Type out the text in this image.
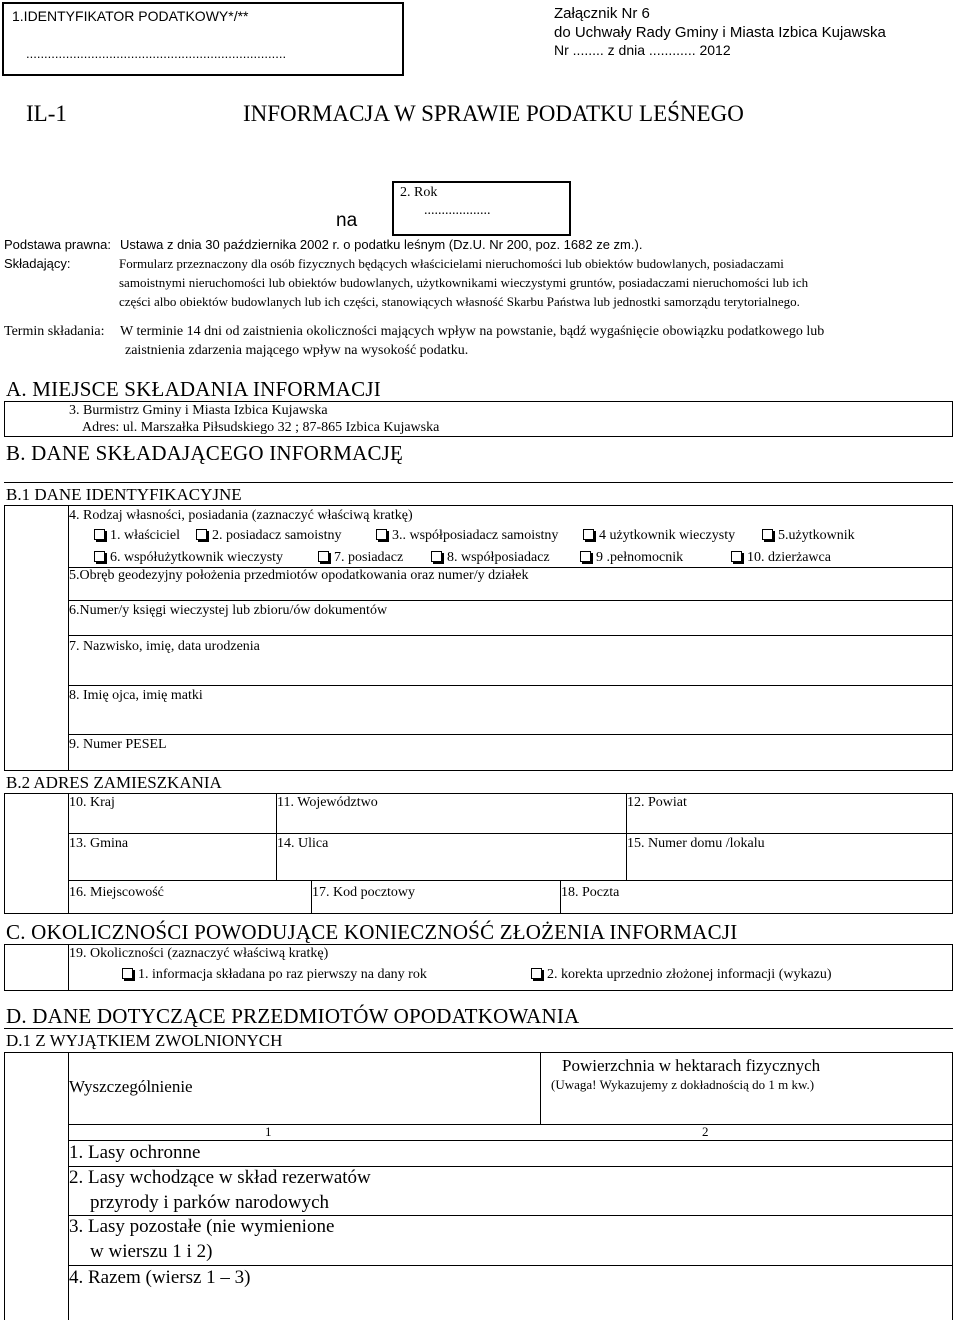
1.IDENTYFIKATOR PODATKOWY*/**
........................................................................
Załącznik Nr 6
do Uchwały Rady Gminy i Miasta Izbica Kujawska
Nr ........ z dnia ............ 2012
IL-1	INFORMACJA W SPRAWIE PODATKU LEŚNEGO
2. Rok
...................
na
Podstawa prawna: Ustawa z dnia 30 października 2002 r. o podatku leśnym (Dz.U. Nr 200, poz. 1682 ze zm.).
Składający:	Formularz przeznaczony dla osób fizycznych będących właścicielami nieruchomości lub obiektów budowlanych, posiadaczami
samoistnymi nieruchomości lub obiektów budowlanych, użytkownikami wieczystymi gruntów, posiadaczami nieruchomości lub ich
części albo obiektów budowlanych lub ich części, stanowiących własność Skarbu Państwa lub jednostki samorządu terytorialnego.
Termin składania: W terminie 14 dni od zaistnienia okoliczności mających wpływ na powstanie, bądź wygaśnięcie obowiązku podatkowego lub
zaistnienia zdarzenia mającego wpływ na wysokość podatku.
A. MIEJSCE SKŁADANIA INFORMACJI
3. Burmistrz Gminy i Miasta Izbica Kujawska
Adres: ul. Marszałka Piłsudskiego 32 ; 87-865 Izbica Kujawska
B. DANE SKŁADAJĄCEGO INFORMACJĘ
B.1 DANE IDENTYFIKACYJNE
4. Rodzaj własności, posiadania (zaznaczyć właściwą kratkę)
1. właściciel	2. posiadacz samoistny	3.. współposiadacz samoistny	4 użytkownik wieczysty	5.użytkownik
6. współużytkownik wieczysty	7. posiadacz	8. współposiadacz	9 .pełnomocnik	10. dzierżawca
5.Obręb geodezyjny położenia przedmiotów opodatkowania oraz numer/y działek
6.Numer/y księgi wieczystej lub zbioru/ów dokumentów
7. Nazwisko, imię, data urodzenia
8. Imię ojca, imię matki
9. Numer PESEL
B.2 ADRES ZAMIESZKANIA
10. Kraj	11. Województwo	12. Powiat
13. Gmina	14. Ulica	15. Numer domu /lokalu
16. Miejscowość	17. Kod pocztowy	18. Poczta
C. OKOLICZNOŚCI POWODUJĄCE KONIECZNOŚĆ ZŁOŻENIA INFORMACJI
19. Okoliczności (zaznaczyć właściwą kratkę)
1. informacja składana po raz pierwszy na dany rok	2. korekta uprzednio złożonej informacji (wykazu)
D. DANE DOTYCZĄCE PRZEDMIOTÓW OPODATKOWANIA
D.1 Z WYJĄTKIEM ZWOLNIONYCH
Wyszczególnienie
Powierzchnia w hektarach fizycznych
(Uwaga! Wykazujemy z dokładnością do 1 m kw.)
1	2
1. Lasy ochronne
2. Lasy wchodzące w skład rezerwatów
przyrody i parków narodowych
3. Lasy pozostałe (nie wymienione
w wierszu 1 i 2)
4. Razem (wiersz 1 – 3)
